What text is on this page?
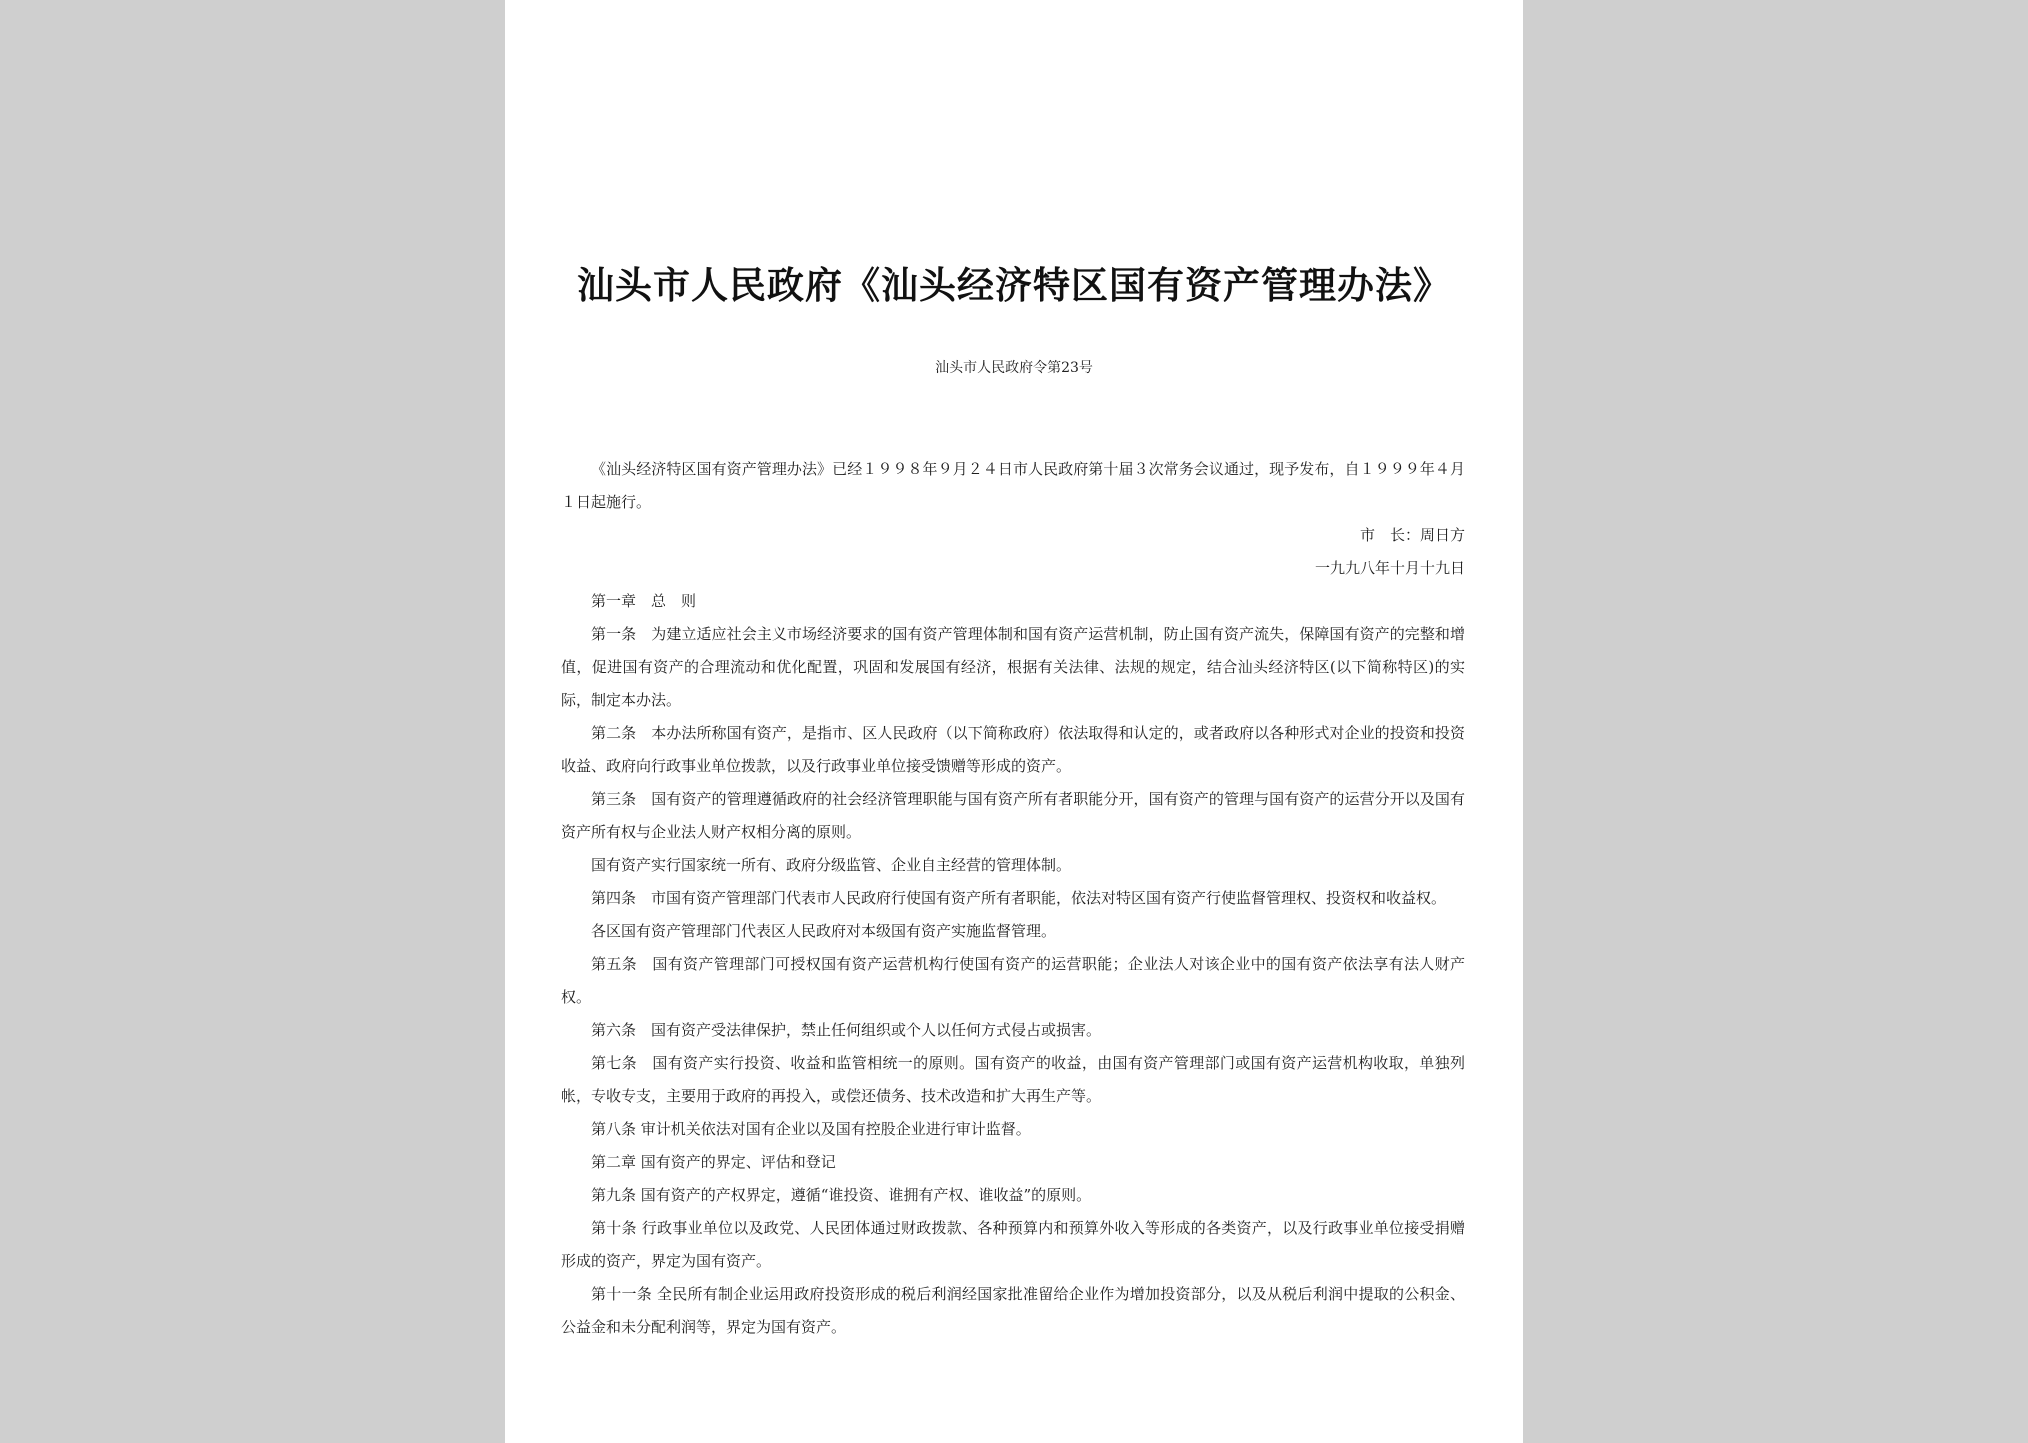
汕头市人民政府《汕头经济特区国有资产管理办法》
汕头市人民政府令第23号

《汕头经济特区国有资产管理办法》已经１９９８年９月２４日市人民政府第十届３次常务会议通过，现予发布，自１９９９年４月１日起施行。

市　长：周日方

一九九八年十月十九日

第一章　总　则

第一条　为建立适应社会主义市场经济要求的国有资产管理体制和国有资产运营机制，防止国有资产流失，保障国有资产的完整和增值，促进国有资产的合理流动和优化配置，巩固和发展国有经济，根据有关法律、法规的规定，结合汕头经济特区(以下简称特区)的实际，制定本办法。

第二条　本办法所称国有资产，是指市、区人民政府（以下简称政府）依法取得和认定的，或者政府以各种形式对企业的投资和投资收益、政府向行政事业单位拨款，以及行政事业单位接受馈赠等形成的资产。

第三条　国有资产的管理遵循政府的社会经济管理职能与国有资产所有者职能分开，国有资产的管理与国有资产的运营分开以及国有资产所有权与企业法人财产权相分离的原则。

国有资产实行国家统一所有、政府分级监管、企业自主经营的管理体制。

第四条　市国有资产管理部门代表市人民政府行使国有资产所有者职能，依法对特区国有资产行使监督管理权、投资权和收益权。

各区国有资产管理部门代表区人民政府对本级国有资产实施监督管理。

第五条　国有资产管理部门可授权国有资产运营机构行使国有资产的运营职能；企业法人对该企业中的国有资产依法享有法人财产权。

第六条　国有资产受法律保护，禁止任何组织或个人以任何方式侵占或损害。

第七条　国有资产实行投资、收益和监管相统一的原则。国有资产的收益，由国有资产管理部门或国有资产运营机构收取，单独列帐，专收专支，主要用于政府的再投入，或偿还债务、技术改造和扩大再生产等。

第八条 审计机关依法对国有企业以及国有控股企业进行审计监督。

第二章 国有资产的界定、评估和登记

第九条 国有资产的产权界定，遵循“谁投资、谁拥有产权、谁收益”的原则。

第十条 行政事业单位以及政党、人民团体通过财政拨款、各种预算内和预算外收入等形成的各类资产，以及行政事业单位接受捐赠形成的资产，界定为国有资产。

第十一条 全民所有制企业运用政府投资形成的税后利润经国家批准留给企业作为增加投资部分，以及从税后利润中提取的公积金、公益金和未分配利润等，界定为国有资产。
